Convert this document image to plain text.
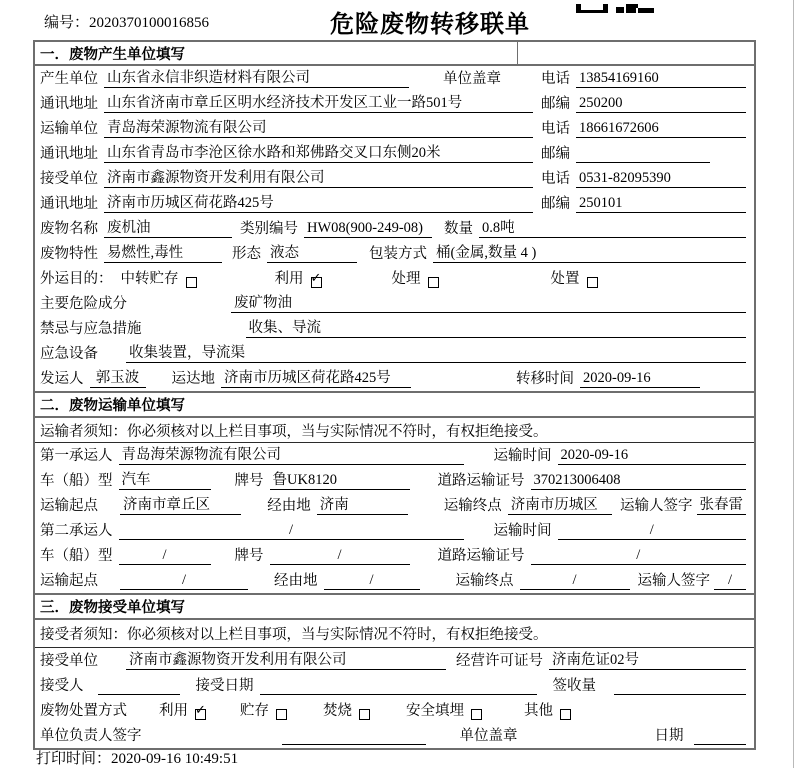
编号：2020370100016856	危险废物转移联单
一．废物产生单位填写
产生单位 山东省永信非织造材料有限公司	单位盖章	电话 13854169160
通讯地址 山东省济南市章丘区明水经济技术开发区工业一路501号	邮编 250200
运输单位 青岛海荣源物流有限公司	电话 18661672606
通讯地址 山东省青岛市李沧区徐水路和郑佛路交叉口东侧20米	邮编
接受单位 济南市鑫源物资开发利用有限公司	电话 0531-82095390
通讯地址 济南市历城区荷花路425号	邮编 250101
废物名称 废机油	类别编号 HW08(900-249-08)	数量 0.8吨
废物特性 易燃性,毒性	形态 液态	包装方式 桶(金属,数量 4 )
外运目的： 中转贮存	利用 ✓	处理	处置
主要危险成分	废矿物油
禁忌与应急措施	收集、导流
应急设备 收集装置，导流渠
发运人 郭玉波	运达地 济南市历城区荷花路425号	转移时间 2020-09-16
二．废物运输单位填写
运输者须知：你必须核对以上栏目事项，当与实际情况不符时，有权拒绝接受。
第一承运人 青岛海荣源物流有限公司	运输时间 2020-09-16
车（船）型 汽车	牌号 鲁UK8120	道路运输证号 370213006408
运输起点 济南市章丘区	经由地 济南	运输终点 济南市历城区	运输人签字 张春雷
第二承运人	/	运输时间	/
车（船）型	/	牌号	/	道路运输证号	/
运输起点	/	经由地	/	运输终点	/	运输人签字	/
三．废物接受单位填写
接受者须知：你必须核对以上栏目事项，当与实际情况不符时，有权拒绝接受。
接受单位 济南市鑫源物资开发利用有限公司	经营许可证号 济南危证02号
接受人	接受日期	签收量
废物处置方式 利用 ✓ 贮存	焚烧	安全填埋	其他
单位负责人签字	单位盖章	日期
打印时间：2020-09-16 10:49:51
